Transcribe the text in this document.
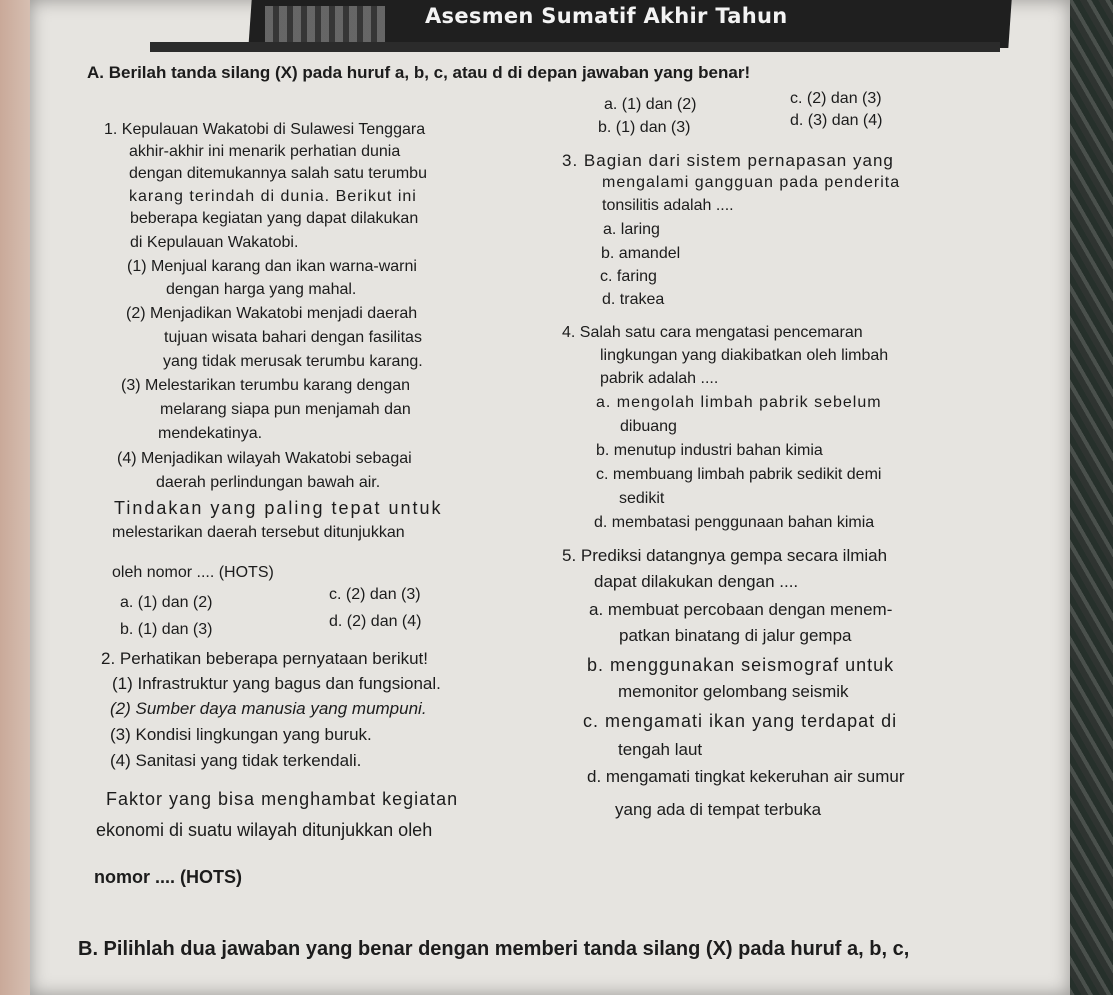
Asesmen Sumatif Akhir Tahun
A. Berilah tanda silang (X) pada huruf a, b, c, atau d di depan jawaban yang benar!
1. Kepulauan Wakatobi di Sulawesi Tenggara
akhir-akhir ini menarik perhatian dunia
dengan ditemukannya salah satu terumbu
karang terindah di dunia. Berikut ini
beberapa kegiatan yang dapat dilakukan
di Kepulauan Wakatobi.
(1) Menjual karang dan ikan warna-warni
dengan harga yang mahal.
(2) Menjadikan Wakatobi menjadi daerah
tujuan wisata bahari dengan fasilitas
yang tidak merusak terumbu karang.
(3) Melestarikan terumbu karang dengan
melarang siapa pun menjamah dan
mendekatinya.
(4) Menjadikan wilayah Wakatobi sebagai
daerah perlindungan bawah air.
Tindakan yang paling tepat untuk
melestarikan daerah tersebut ditunjukkan
oleh nomor .... (HOTS)
a. (1) dan (2)	c. (2) dan (3)
b. (1) dan (3)	d. (2) dan (4)
2. Perhatikan beberapa pernyataan berikut!
(1) Infrastruktur yang bagus dan fungsional.
(2) Sumber daya manusia yang mumpuni.
(3) Kondisi lingkungan yang buruk.
(4) Sanitasi yang tidak terkendali.
Faktor yang bisa menghambat kegiatan
ekonomi di suatu wilayah ditunjukkan oleh
nomor .... (HOTS)
a. (1) dan (2)	c. (2) dan (3)
b. (1) dan (3)	d. (3) dan (4)
3. Bagian dari sistem pernapasan yang
mengalami gangguan pada penderita
tonsilitis adalah ....
a. laring
b. amandel
c. faring
d. trakea
4. Salah satu cara mengatasi pencemaran
lingkungan yang diakibatkan oleh limbah
pabrik adalah ....
a. mengolah limbah pabrik sebelum
dibuang
b. menutup industri bahan kimia
c. membuang limbah pabrik sedikit demi
sedikit
d. membatasi penggunaan bahan kimia
5. Prediksi datangnya gempa secara ilmiah
dapat dilakukan dengan ....
a. membuat percobaan dengan menem-
patkan binatang di jalur gempa
b. menggunakan seismograf untuk
memonitor gelombang seismik
c. mengamati ikan yang terdapat di
tengah laut
d. mengamati tingkat kekeruhan air sumur
yang ada di tempat terbuka
B. Pilihlah dua jawaban yang benar dengan memberi tanda silang (X) pada huruf a, b, c,
